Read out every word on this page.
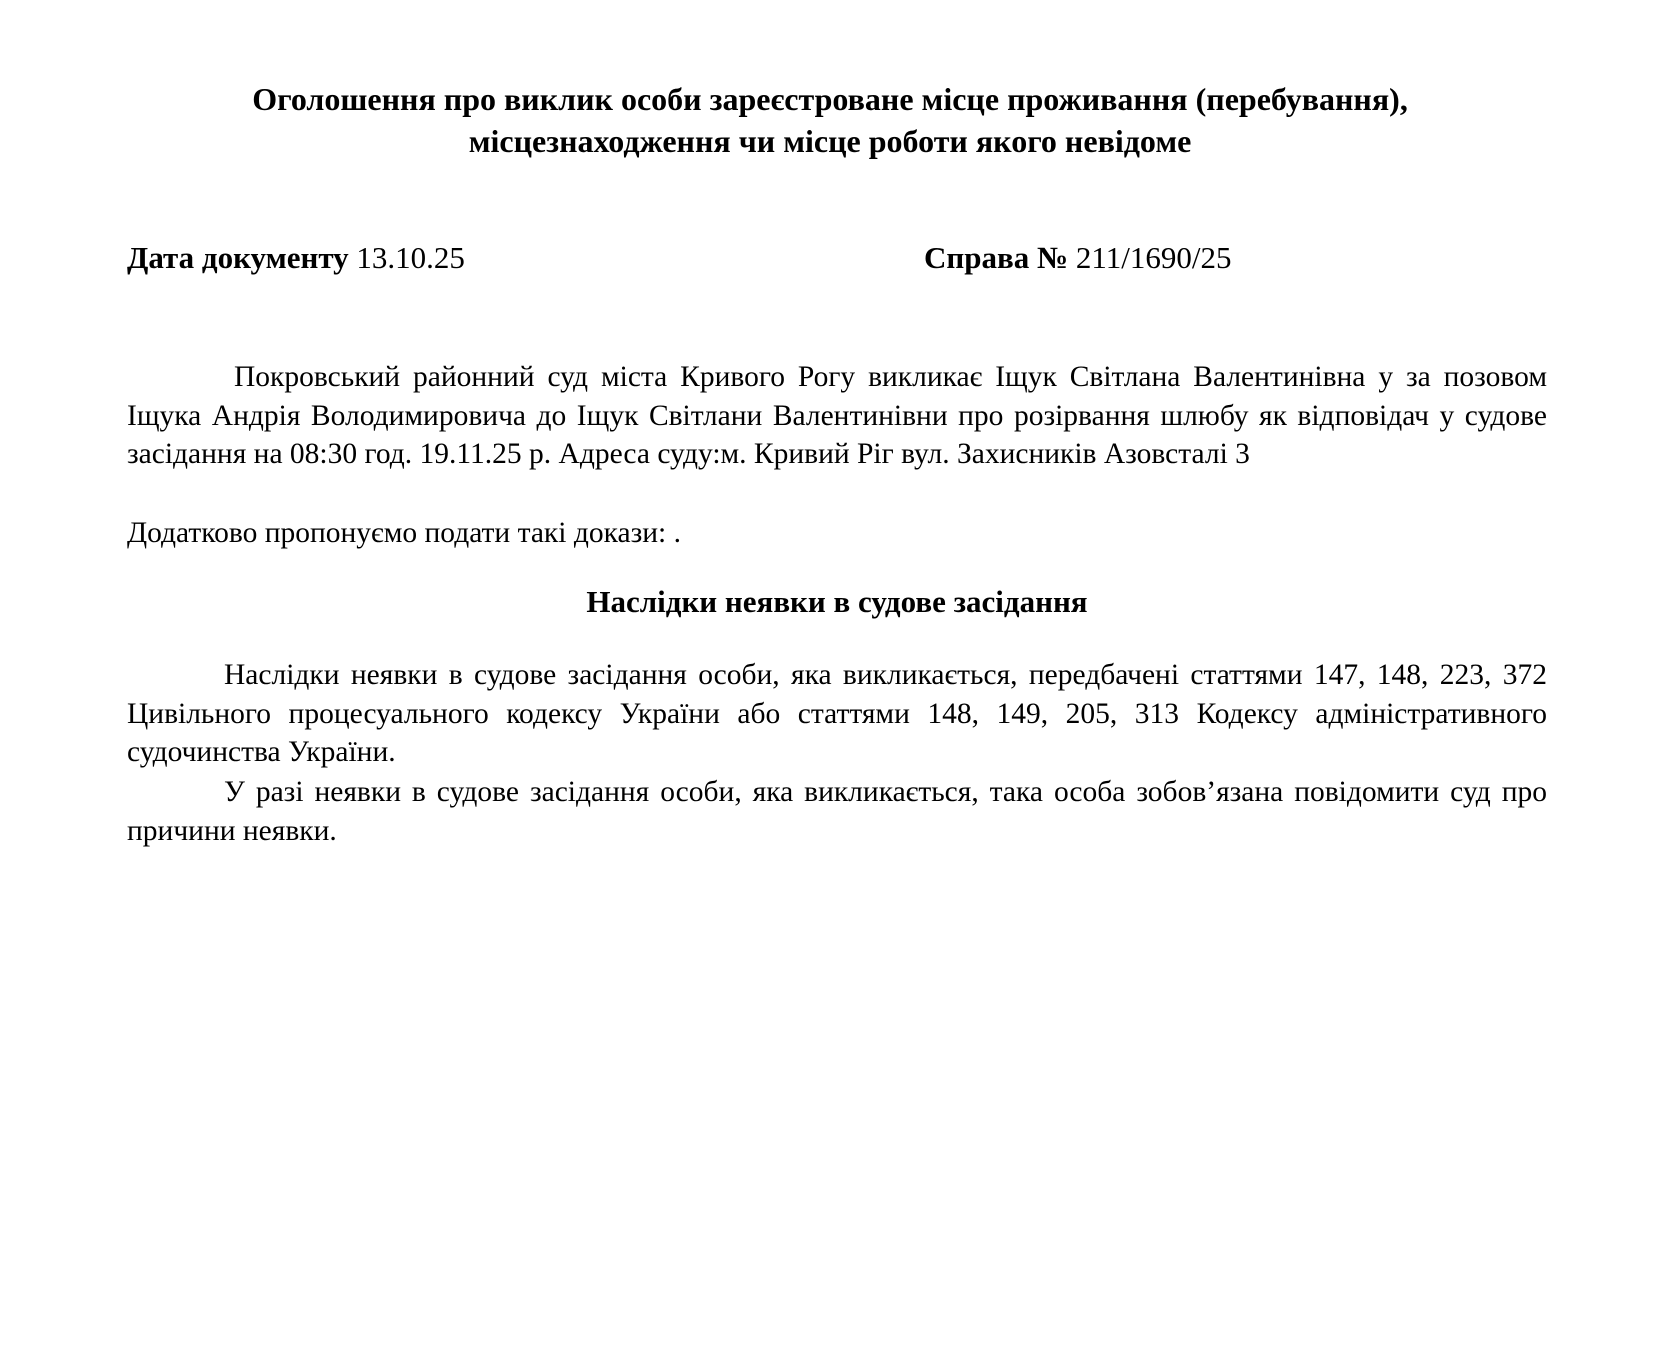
Оголошення про виклик особи зареєстроване місце проживання (перебування),
місцезнаходження чи місце роботи якого невідоме
Дата документу 13.10.25	Справа № 211/1690/25

Покровський районний суд міста Кривого Рогу викликає Іщук Світлана Валентинівна у за позовом Іщука Андрія Володимировича до Іщук Світлани Валентинівни про розірвання шлюбу як відповідач у судове засідання на 08:30 год. 19.11.25 р. Адреса суду:м. Кривий Ріг вул. Захисників Азовсталі 3

Додатково пропонуємо подати такі докази: .

Наслідки неявки в судове засідання

Наслідки неявки в судове засідання особи, яка викликається, передбачені статтями 147, 148, 223, 372 Цивільного процесуального кодексу України або статтями 148, 149, 205, 313 Кодексу адміністративного судочинства України.

У разі неявки в судове засідання особи, яка викликається, така особа зобов’язана повідомити суд про причини неявки.
